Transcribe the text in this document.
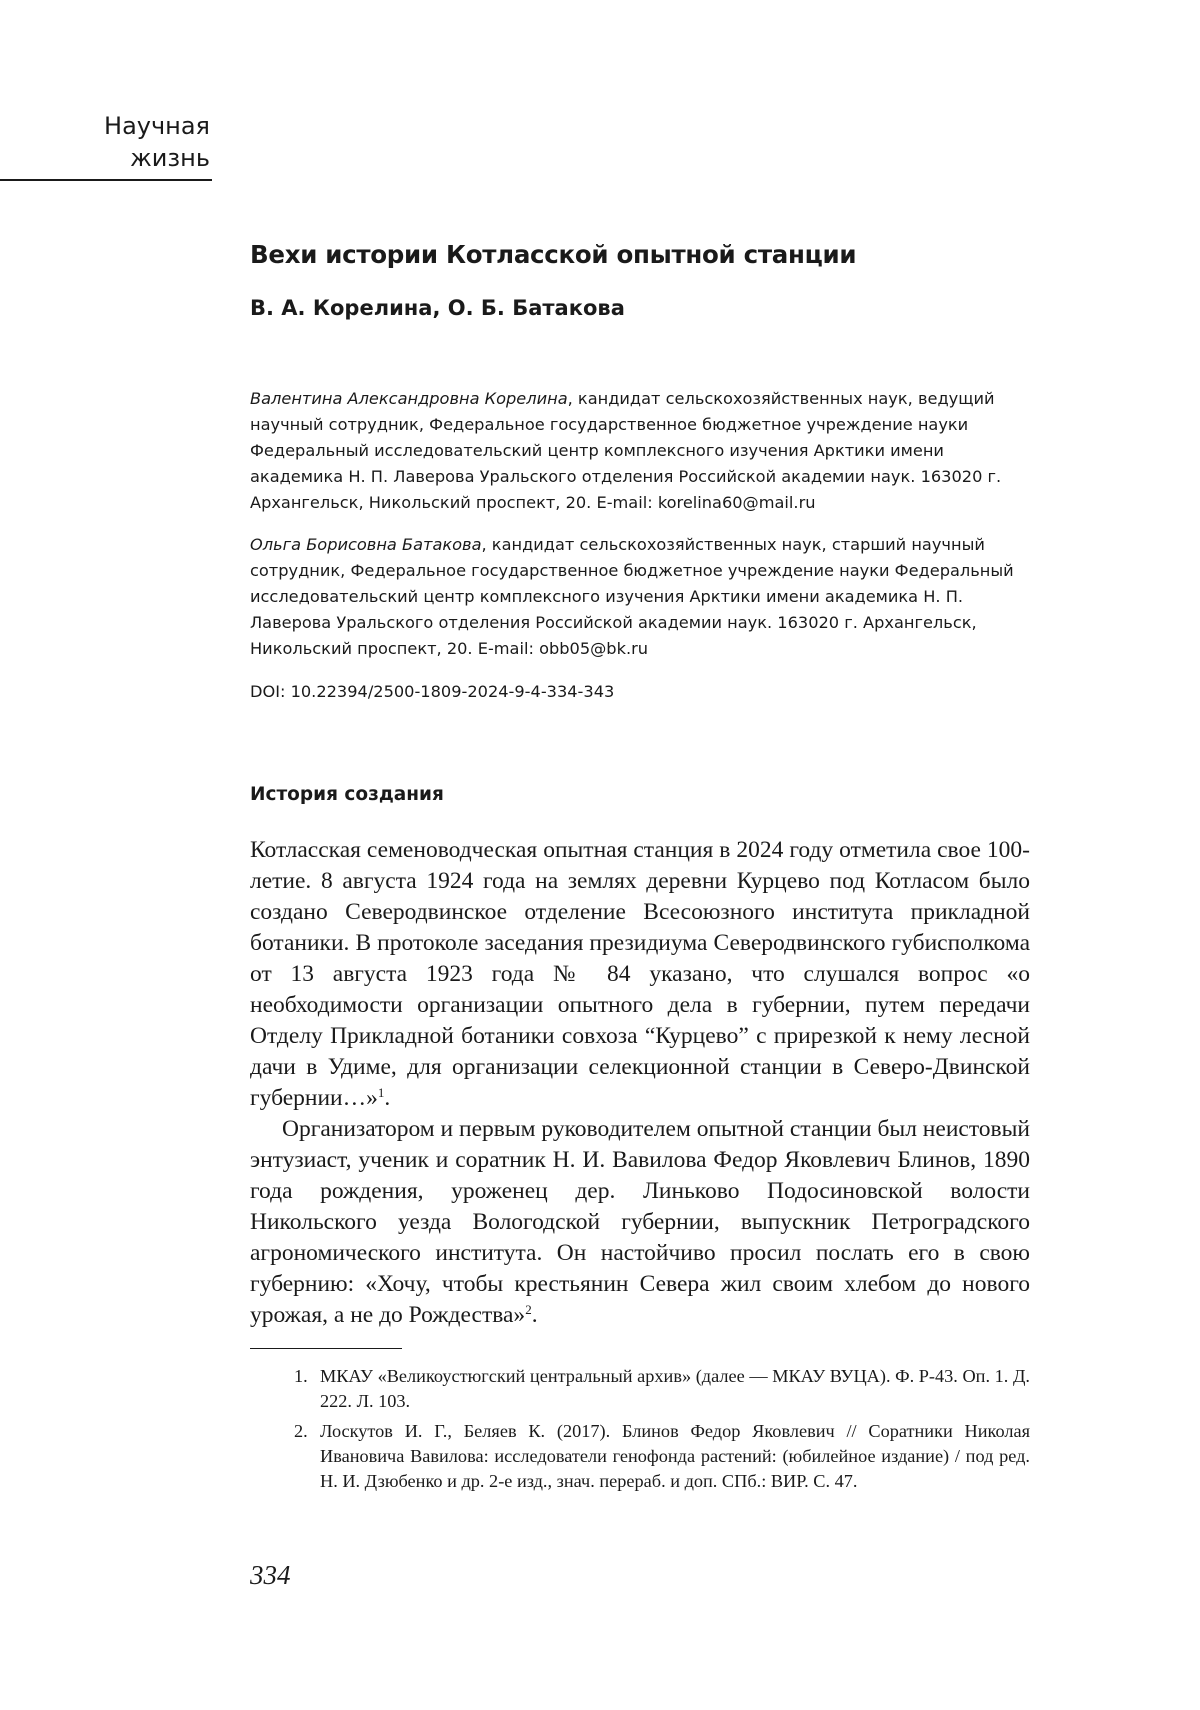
Научная
жизнь
Вехи истории Котласской опытной станции

В. А. Корелина, О. Б. Батакова

Валентина Александровна Корелина, кандидат сельскохозяйственных наук, ведущий научный сотрудник, Федеральное государственное бюджетное учреждение науки Федеральный исследовательский центр комплексного изучения Арктики имени академика Н. П. Лаверова Уральского отделения Российской академии наук. 163020 г. Архангельск, Никольский проспект, 20. E-mail: korelina60@mail.ru

Ольга Борисовна Батакова, кандидат сельскохозяйственных наук, старший научный сотрудник, Федеральное государственное бюджетное учреждение науки Федеральный исследовательский центр комплексного изучения Арктики имени академика Н. П. Лаверова Уральского отделения Российской академии наук. 163020 г. Архангельск, Никольский проспект, 20. E-mail: obb05@bk.ru

DOI: 10.22394/2500-1809-2024-9-4-334-343

История создания

Котласская семеноводческая опытная станция в 2024 году отметила свое 100-летие. 8 августа 1924 года на землях деревни Курцево под Котласом было создано Северодвинское отделение Всесоюзного ин­ститута прикладной ботаники. В протоколе заседания президиума Северодвинского губисполкома от 13 августа 1923 года № 84 ука­зано, что слушался вопрос «о необходимости организации опытно­го дела в губернии, путем передачи Отделу Прикладной ботаники совхоза “Курцево” с прирезкой к нему лесной дачи в Удиме, для ор­ганизации селекционной станции в Северо-Двинской губернии…»1.

Организатором и первым руководителем опытной станции был неистовый энтузиаст, ученик и соратник Н. И. Вавилова Федор Яковлевич Блинов, 1890 года рождения, уроженец дер. Линьково Подосиновской волости Никольского уезда Вологодской губернии, выпускник Петроградского агрономического института. Он настой­чиво просил послать его в свою губернию: «Хочу, чтобы крестьянин Севера жил своим хлебом до нового урожая, а не до Рождества»2.

1. МКАУ «Великоустюгский центральный архив» (далее — МКАУ ВУЦА). Ф. Р-43. Оп. 1. Д. 222. Л. 103.
2. Лоскутов И. Г., Беляев К. (2017). Блинов Федор Яковлевич // Соратники Николая Ивановича Вавилова: исследователи генофонда растений: (юби­лейное издание) / под ред. Н. И. Дзюбенко и др. 2-е изд., знач. перераб. и доп. СПб.: ВИР. С. 47.

334
